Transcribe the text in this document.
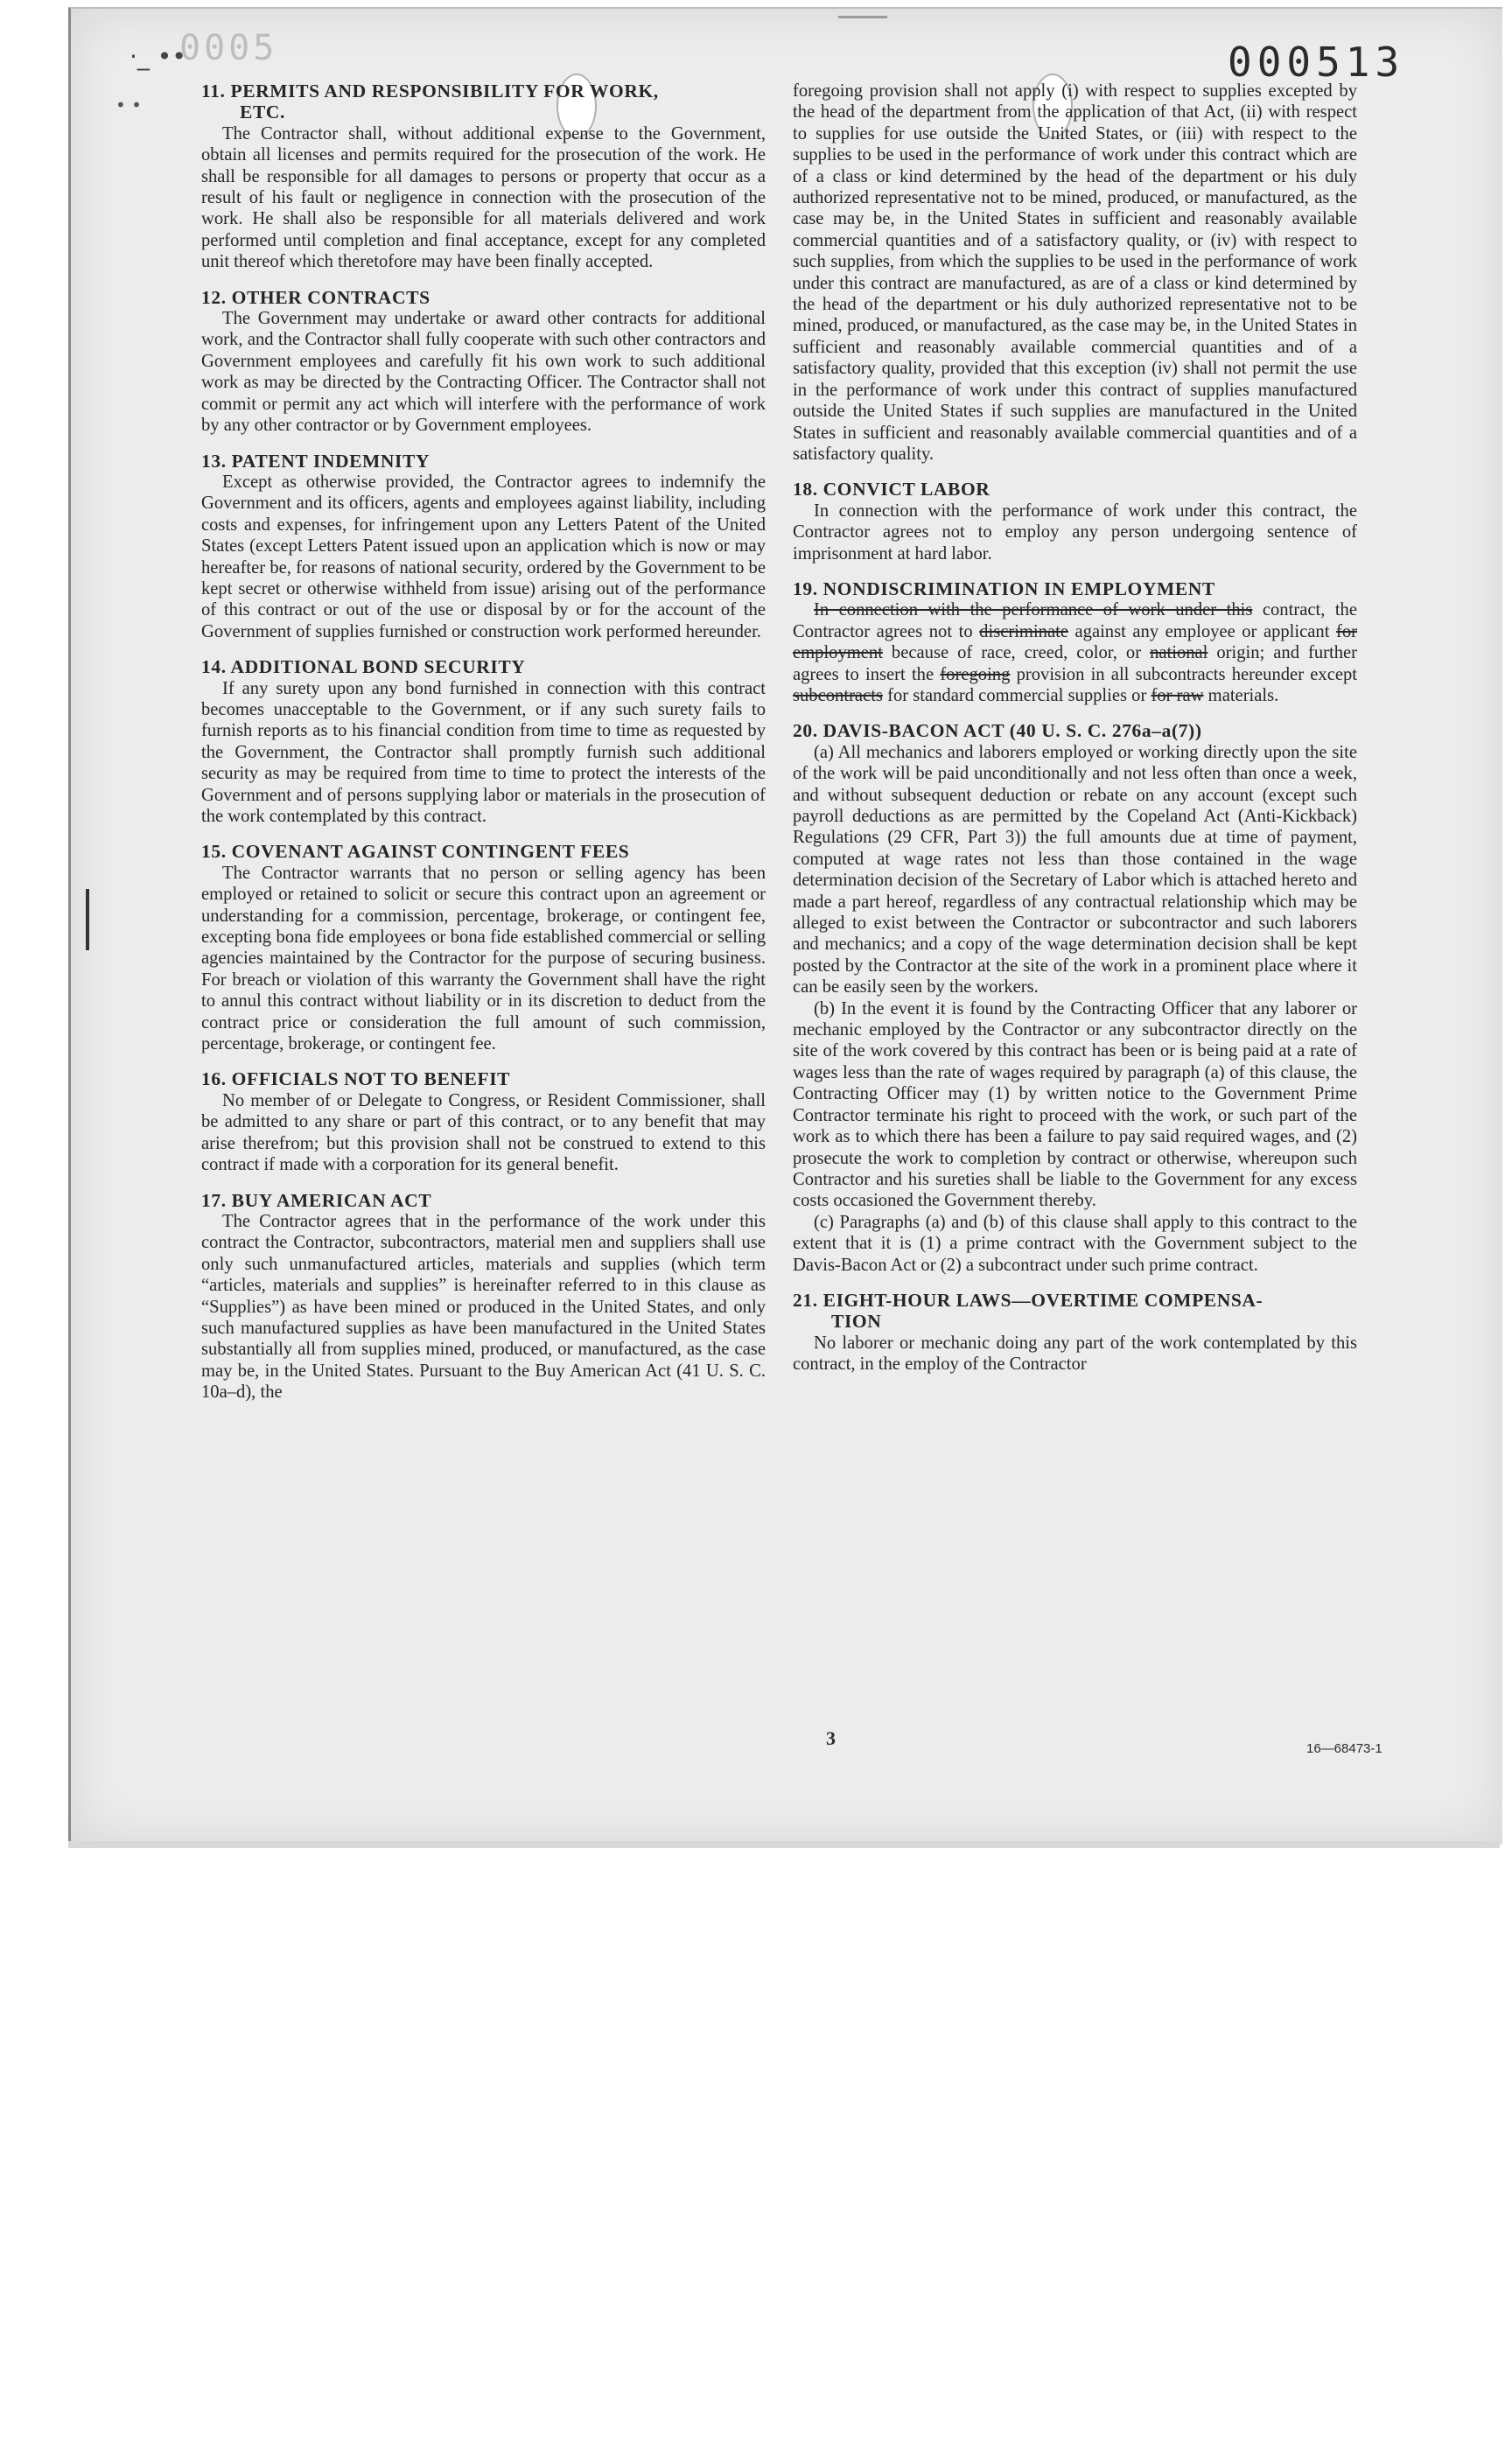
0005
·_ ••
• •
000513

11. PERMITS AND RESPONSIBILITY FOR WORK,

ETC.

The Contractor shall, without additional expense to the Government, obtain all licenses and permits required for the prosecution of the work. He shall be responsible for all damages to persons or property that occur as a result of his fault or negligence in connection with the prosecution of the work. He shall also be responsible for all materials delivered and work performed until completion and final acceptance, except for any completed unit thereof which theretofore may have been finally accepted.

12. OTHER CONTRACTS

The Government may undertake or award other contracts for additional work, and the Contractor shall fully cooperate with such other contractors and Government employees and carefully fit his own work to such additional work as may be directed by the Contracting Officer. The Contractor shall not commit or permit any act which will interfere with the performance of work by any other contractor or by Government employees.

13. PATENT INDEMNITY

Except as otherwise provided, the Contractor agrees to indemnify the Government and its officers, agents and employees against liability, including costs and expenses, for infringement upon any Letters Patent of the United States (except Letters Patent issued upon an application which is now or may hereafter be, for reasons of national security, ordered by the Government to be kept secret or otherwise withheld from issue) arising out of the performance of this contract or out of the use or disposal by or for the account of the Government of supplies furnished or construction work performed hereunder.

14. ADDITIONAL BOND SECURITY

If any surety upon any bond furnished in connection with this contract becomes unacceptable to the Government, or if any such surety fails to furnish reports as to his financial condition from time to time as requested by the Government, the Contractor shall promptly furnish such additional security as may be required from time to time to protect the interests of the Government and of persons supplying labor or materials in the prosecution of the work contemplated by this contract.

15. COVENANT AGAINST CONTINGENT FEES

The Contractor warrants that no person or selling agency has been employed or retained to solicit or secure this contract upon an agreement or understanding for a commission, percentage, brokerage, or contingent fee, excepting bona fide employees or bona fide established commercial or selling agencies maintained by the Contractor for the purpose of securing business. For breach or violation of this warranty the Government shall have the right to annul this contract without liability or in its discretion to deduct from the contract price or consideration the full amount of such commission, percentage, brokerage, or contingent fee.

16. OFFICIALS NOT TO BENEFIT

No member of or Delegate to Congress, or Resident Commissioner, shall be admitted to any share or part of this contract, or to any benefit that may arise therefrom; but this provision shall not be construed to extend to this contract if made with a corporation for its general benefit.

17. BUY AMERICAN ACT

The Contractor agrees that in the performance of the work under this contract the Contractor, subcontractors, material men and suppliers shall use only such unmanufactured articles, materials and supplies (which term “articles, materials and supplies” is hereinafter referred to in this clause as “Supplies”) as have been mined or produced in the United States, and only such manufactured supplies as have been manufactured in the United States substantially all from supplies mined, produced, or manufactured, as the case may be, in the United States. Pursuant to the Buy American Act (41 U. S. C. 10a–d), the

foregoing provision shall not apply (i) with respect to supplies excepted by the head of the department from the application of that Act, (ii) with respect to supplies for use outside the United States, or (iii) with respect to the supplies to be used in the performance of work under this contract which are of a class or kind determined by the head of the department or his duly authorized representative not to be mined, produced, or manufactured, as the case may be, in the United States in sufficient and reasonably available commercial quantities and of a satisfactory quality, or (iv) with respect to such supplies, from which the supplies to be used in the performance of work under this contract are manufactured, as are of a class or kind determined by the head of the department or his duly authorized representative not to be mined, produced, or manufactured, as the case may be, in the United States in sufficient and reasonably available commercial quantities and of a satisfactory quality, provided that this exception (iv) shall not permit the use in the performance of work under this contract of supplies manufactured outside the United States if such supplies are manufactured in the United States in sufficient and reasonably available commercial quantities and of a satisfactory quality.

18. CONVICT LABOR

In connection with the performance of work under this contract, the Contractor agrees not to employ any person undergoing sentence of imprisonment at hard labor.

19. NONDISCRIMINATION IN EMPLOYMENT

In connection with the performance of work under this contract, the Contractor agrees not to discriminate against any employee or applicant for employment because of race, creed, color, or national origin; and further agrees to insert the foregoing provision in all subcontracts hereunder except subcontracts for standard commercial supplies or for raw materials.

20. DAVIS-BACON ACT (40 U. S. C. 276a–a(7))

(a) All mechanics and laborers employed or working directly upon the site of the work will be paid unconditionally and not less often than once a week, and without subsequent deduction or rebate on any account (except such payroll deductions as are permitted by the Copeland Act (Anti-Kickback) Regulations (29 CFR, Part 3)) the full amounts due at time of payment, computed at wage rates not less than those contained in the wage determination decision of the Secretary of Labor which is attached hereto and made a part hereof, regardless of any contractual relationship which may be alleged to exist between the Contractor or subcontractor and such laborers and mechanics; and a copy of the wage determination decision shall be kept posted by the Contractor at the site of the work in a prominent place where it can be easily seen by the workers.

(b) In the event it is found by the Contracting Officer that any laborer or mechanic employed by the Contractor or any subcontractor directly on the site of the work covered by this contract has been or is being paid at a rate of wages less than the rate of wages required by paragraph (a) of this clause, the Contracting Officer may (1) by written notice to the Government Prime Contractor terminate his right to proceed with the work, or such part of the work as to which there has been a failure to pay said required wages, and (2) prosecute the work to completion by contract or otherwise, whereupon such Contractor and his sureties shall be liable to the Government for any excess costs occasioned the Government thereby.

(c) Paragraphs (a) and (b) of this clause shall apply to this contract to the extent that it is (1) a prime contract with the Government subject to the Davis-Bacon Act or (2) a subcontract under such prime contract.

21. EIGHT-HOUR LAWS—OVERTIME COMPENSA-

TION

No laborer or mechanic doing any part of the work contemplated by this contract, in the employ of the Contractor

3	16—68473-1
